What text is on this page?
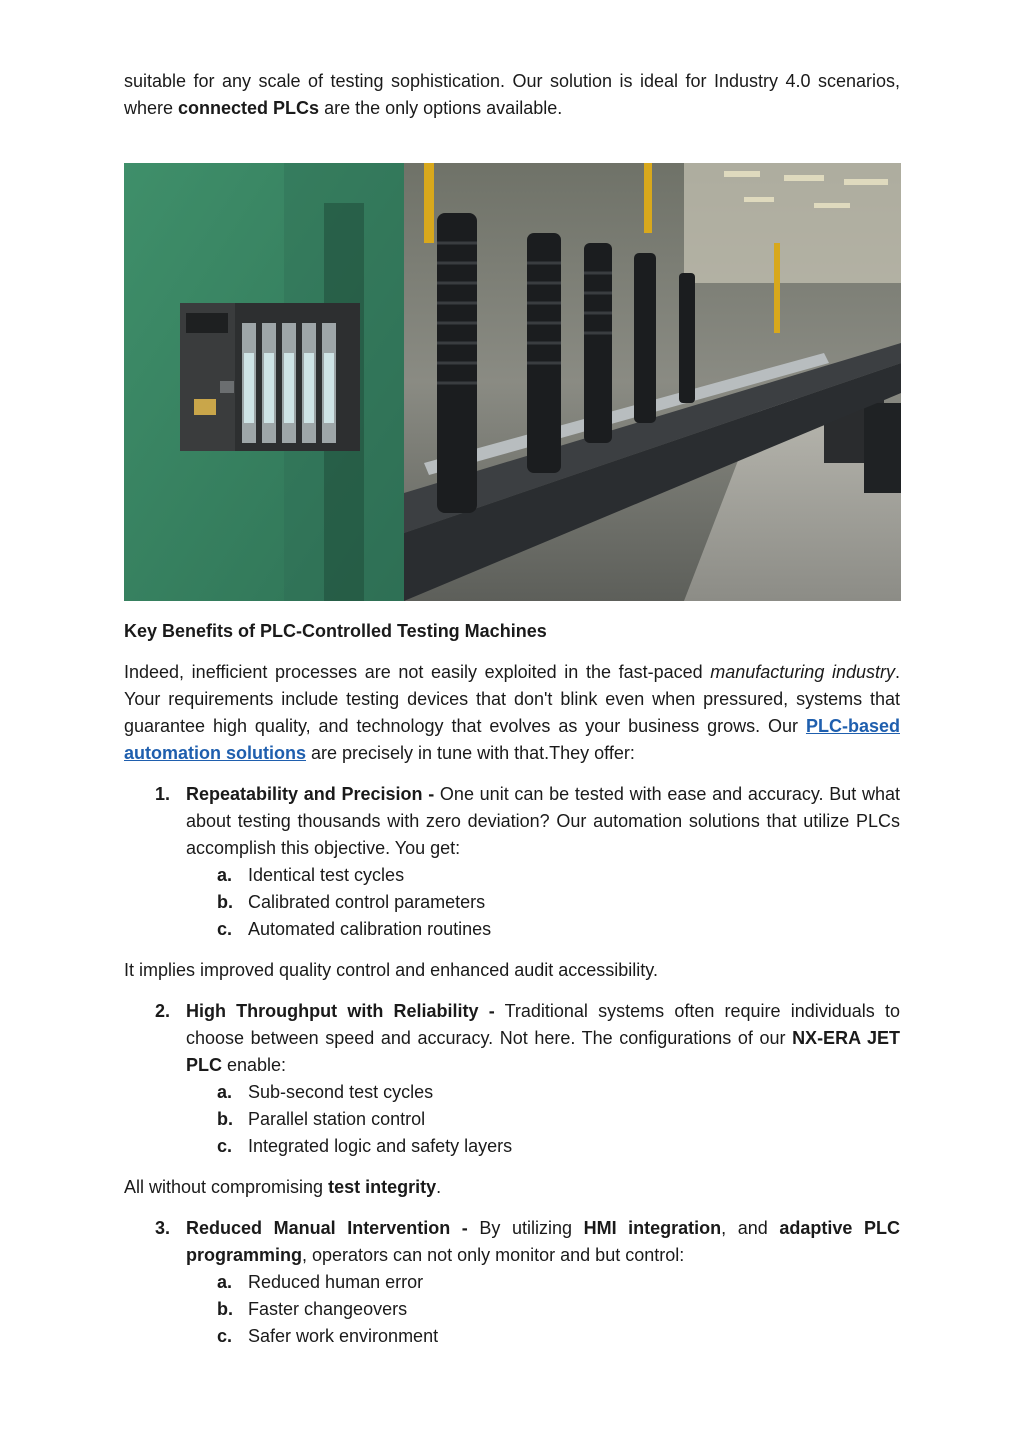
suitable for any scale of testing sophistication. Our solution is ideal for Industry 4.0 scenarios, where connected PLCs are the only options available.

Key Benefits of PLC-Controlled Testing Machines

Indeed, inefficient processes are not easily exploited in the fast-paced manufacturing industry. Your requirements include testing devices that don't blink even when pressured, systems that guarantee high quality, and technology that evolves as your business grows. Our PLC-based automation solutions are precisely in tune with that.They offer:

1. Repeatability and Precision - One unit can be tested with ease and accuracy. But what about testing thousands with zero deviation? Our automation solutions that utilize PLCs accomplish this objective. You get:
a. Identical test cycles
b. Calibrated control parameters
c. Automated calibration routines

It implies improved quality control and enhanced audit accessibility.

2. High Throughput with Reliability - Traditional systems often require individuals to choose between speed and accuracy. Not here. The configurations of our NX-ERA JET PLC enable:
a. Sub-second test cycles
b. Parallel station control
c. Integrated logic and safety layers

All without compromising test integrity.

3. Reduced Manual Intervention - By utilizing HMI integration, and adaptive PLC programming, operators can not only monitor and but control:
a. Reduced human error
b. Faster changeovers
c. Safer work environment
